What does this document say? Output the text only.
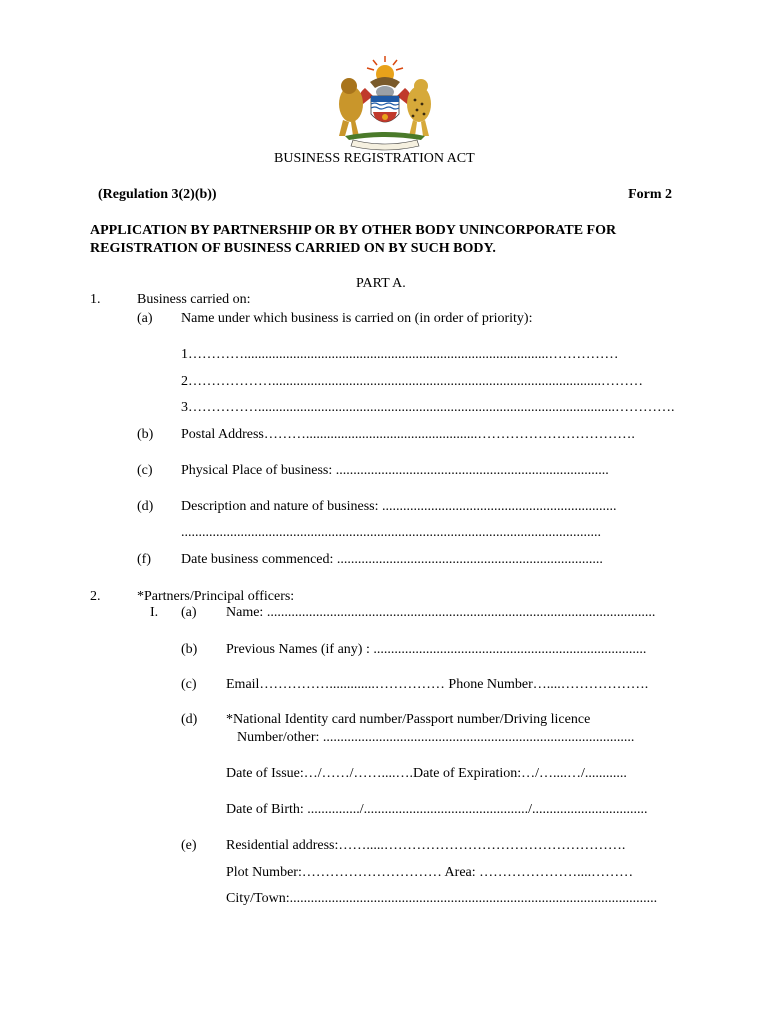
BUSINESS REGISTRATION ACT
(Regulation 3(2)(b))	Form 2
APPLICATION BY PARTNERSHIP OR BY OTHER BODY UNINCORPORATE FOR
REGISTRATION OF BUSINESS CARRIED ON BY SUCH BODY.
PART A.
1.	Business carried on:
(a) Name under which business is carried on (in order of priority):
1………….......................................................................................……………
2………………..............................................................................................………
3……………......................................................................................................………….
(b) Postal Address……….................................................…………………………….
(c) Physical Place of business: ..............................................................................
(d) Description and nature of business: ...................................................................
........................................................................................................................
(f) Date business commenced: ............................................................................
2.	*Partners/Principal officers:
I. (a) Name: ...............................................................................................................
(b) Previous Names (if any) : ..............................................................................
(c) Email…………….............…………… Phone Number…....……………….
(d) *National Identity card number/Passport number/Driving licence
Number/other: .........................................................................................
Date of Issue:…/……/……....….Date of Expiration:…/…....…/............
Date of Birth: .............../.............................................../.................................
(e) Residential address:…….....…………………………………………….
Plot Number:………………………… Area: …………………....………
City/Town:.........................................................................................................
